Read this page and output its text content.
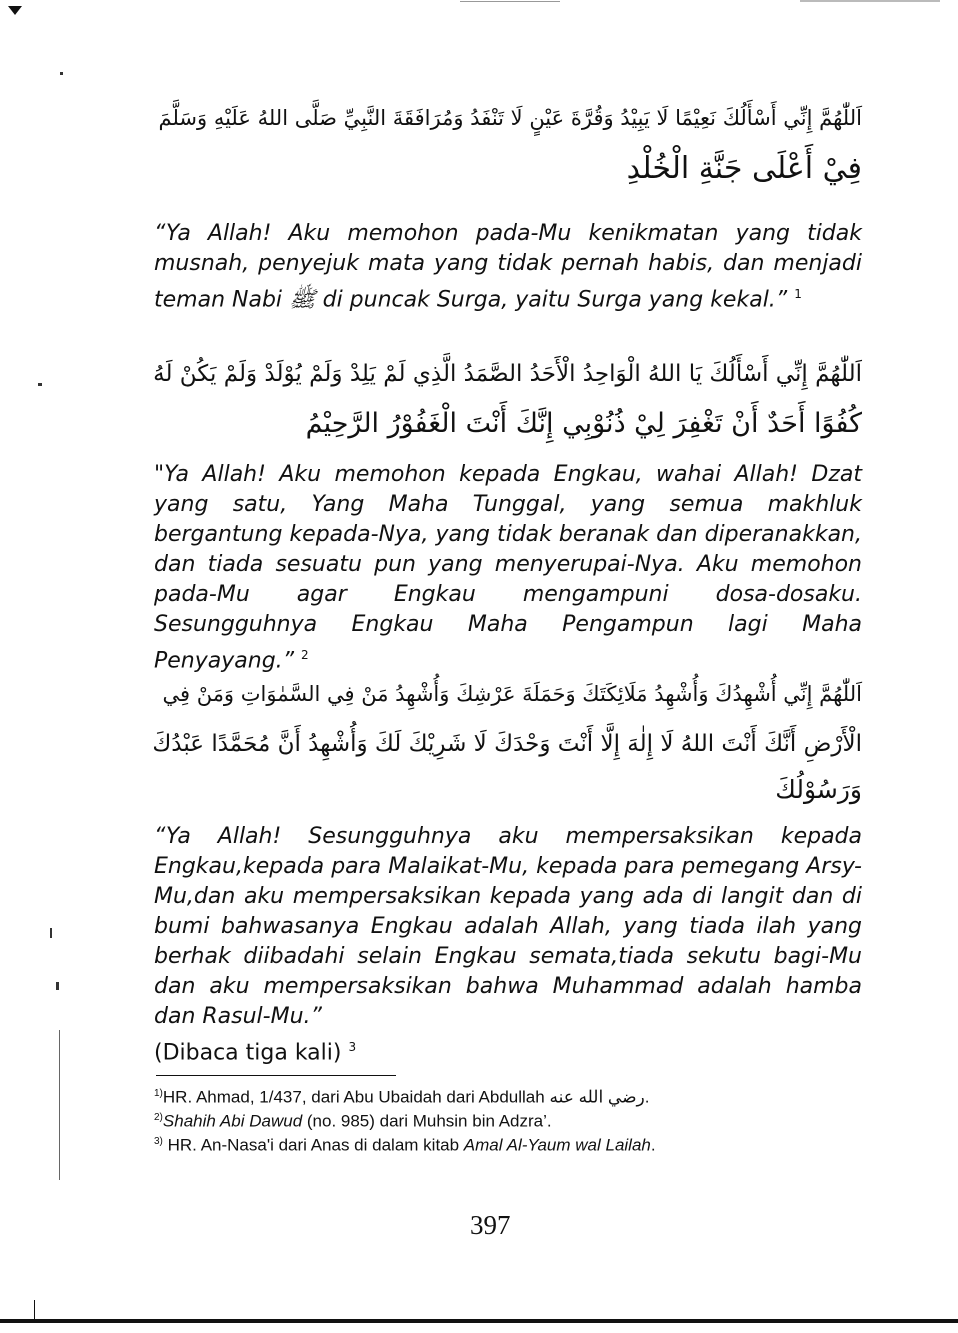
اَللّٰهُمَّ إِنِّي أَسْأَلُكَ نَعِيْمًا لَا يَبِيْدُ وَقُرَّةَ عَيْنٍ لَا تَنْفَدُ وَمُرَافَقَةَ النَّبِيِّ صَلَّى اللهُ عَلَيْهِ وَسَلَّمَ
فِيْ أَعْلَى جَنَّةِ الْخُلْدِ

“Ya Allah! Aku memohon pada-Mu kenikmatan yang tidak musnah, penyejuk mata yang tidak pernah habis, dan menjadi teman Nabi ﷺ di puncak Surga, yaitu Surga yang kekal.” $^1$

اَللّٰهُمَّ إِنِّي أَسْأَلُكَ يَا اللهُ الْوَاحِدُ الْأَحَدُ الصَّمَدُ الَّذِي لَمْ يَلِدْ وَلَمْ يُوْلَدْ وَلَمْ يَكُنْ لَهُ
كُفُوًا أَحَدٌ أَنْ تَغْفِرَ لِيْ ذُنُوْبِي إِنَّكَ أَنْتَ الْغَفُوْرُ الرَّحِيْمُ

"Ya Allah! Aku memohon kepada Engkau, wahai Allah! Dzat yang satu, Yang Maha Tunggal, yang semua makhluk bergantung kepada-Nya, yang tidak beranak dan diperanakkan, dan tiada sesuatu pun yang menyerupai-Nya. Aku memohon pada-Mu agar Engkau mengampuni dosa-dosaku. Sesungguhnya Engkau Maha Pengampun lagi Maha Penyayang.” $^2$

اَللّٰهُمَّ إِنِّي أُشْهِدُكَ وَأُشْهِدُ مَلَائِكَتَكَ وَحَمَلَةَ عَرْشِكَ وَأُشْهِدُ مَنْ فِي السَّمٰوَاتِ وَمَنْ فِي
الْأَرْضِ أَنَّكَ أَنْتَ اللهُ لَا إِلٰهَ إِلَّا أَنْتَ وَحْدَكَ لَا شَرِيْكَ لَكَ وَأُشْهِدُ أَنَّ مُحَمَّدًا عَبْدُكَ
وَرَسُوْلُكَ

“Ya Allah! Sesungguhnya aku mempersaksikan kepada Engkau,kepada para Malaikat-Mu, kepada para pemegang Arsy-Mu,dan aku mempersaksikan kepada yang ada di langit dan di bumi bahwasanya Engkau adalah Allah, yang tiada ilah yang berhak diibadahi selain Engkau semata,tiada sekutu bagi-Mu dan aku mempersaksikan bahwa Muhammad adalah hamba dan Rasul-Mu.”

(Dibaca tiga kali) $^3$

$^{1)}$HR. Ahmad, 1/437, dari Abu Ubaidah dari Abdullah رضي الله عنه.
$^{2)}$Shahih Abi Dawud (no. 985) dari Muhsin bin Adzra’.
$^{3)}$ HR. An-Nasa'i dari Anas di dalam kitab Amal Al-Yaum wal Lailah.
397
